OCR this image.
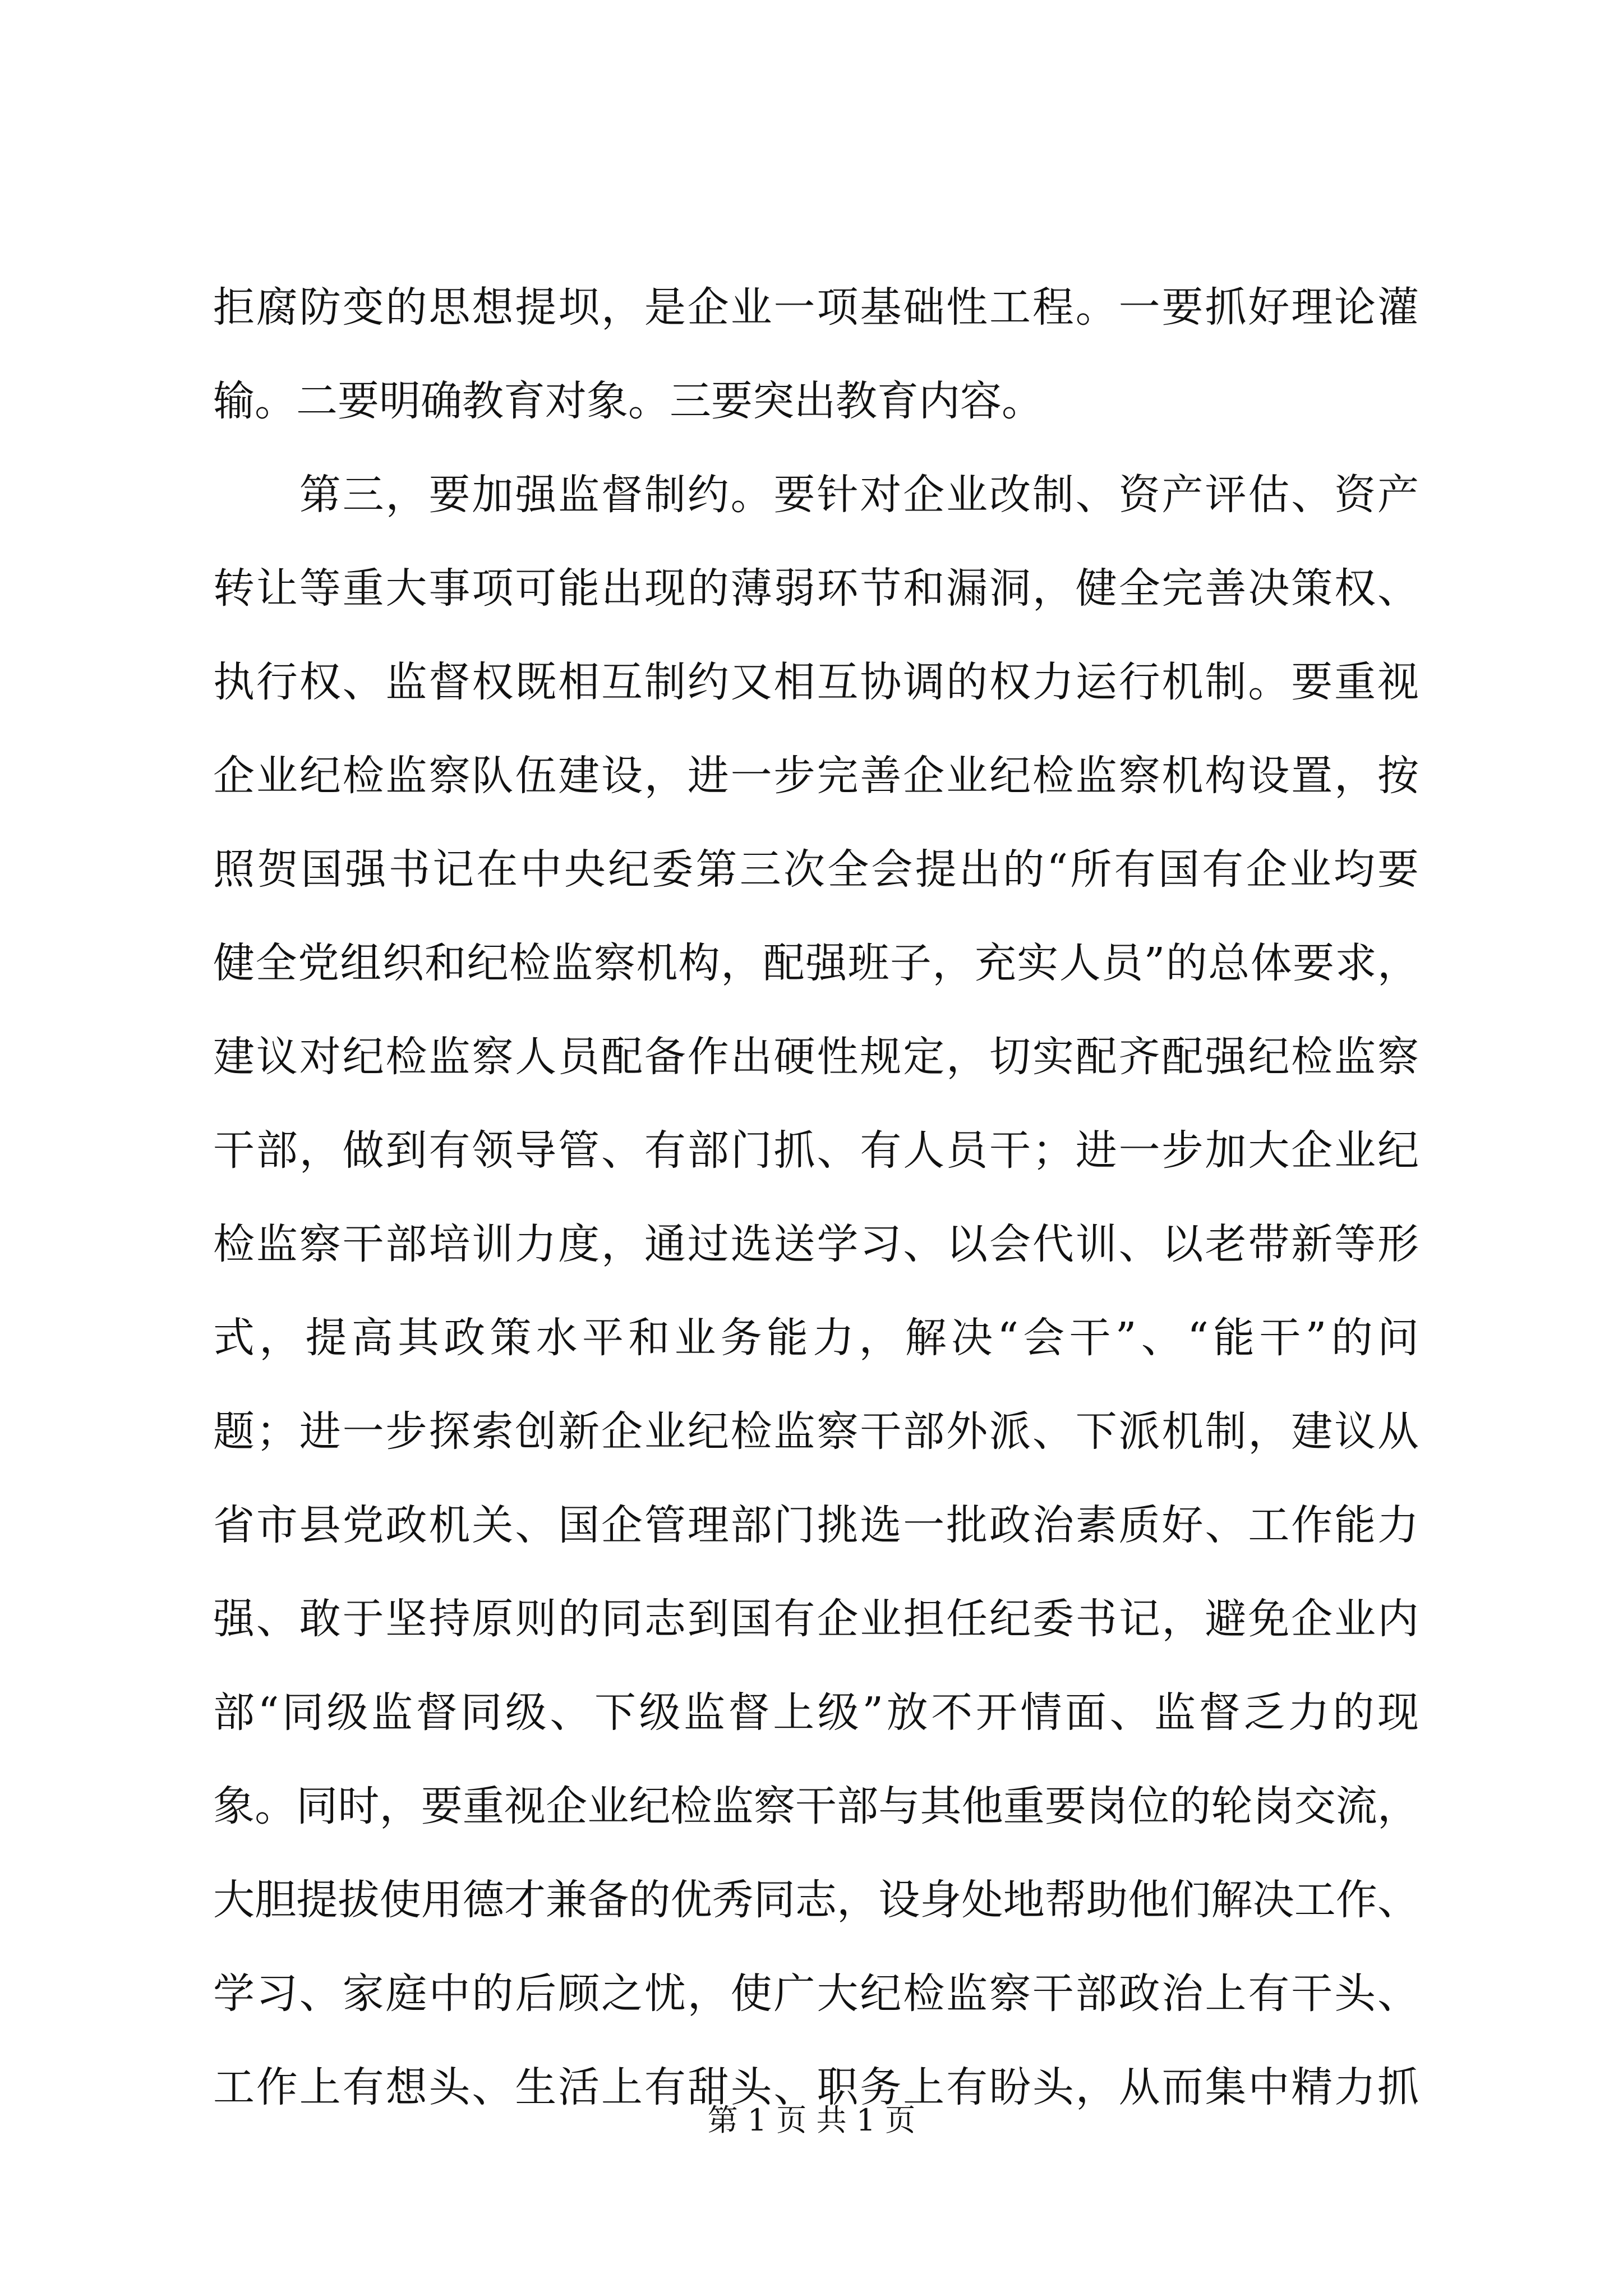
拒腐防变的思想提坝，是企业一项基础性工程。一要抓好理论灌
输。二要明确教育对象。三要突出教育内容。
　　第三，要加强监督制约。要针对企业改制、资产评估、资产
转让等重大事项可能出现的薄弱环节和漏洞，健全完善决策权、
执行权、监督权既相互制约又相互协调的权力运行机制。要重视
企业纪检监察队伍建设，进一步完善企业纪检监察机构设置，按
照贺国强书记在中央纪委第三次全会提出的“所有国有企业均要
健全党组织和纪检监察机构，配强班子，充实人员”的总体要求，
建议对纪检监察人员配备作出硬性规定，切实配齐配强纪检监察
干部，做到有领导管、有部门抓、有人员干；进一步加大企业纪
检监察干部培训力度，通过选送学习、以会代训、以老带新等形
式，提高其政策水平和业务能力，解决“会干”、“能干”的问
题；进一步探索创新企业纪检监察干部外派、下派机制，建议从
省市县党政机关、国企管理部门挑选一批政治素质好、工作能力
强、敢于坚持原则的同志到国有企业担任纪委书记，避免企业内
部“同级监督同级、下级监督上级”放不开情面、监督乏力的现
象。同时，要重视企业纪检监察干部与其他重要岗位的轮岗交流，
大胆提拔使用德才兼备的优秀同志，设身处地帮助他们解决工作、
学习、家庭中的后顾之忧，使广大纪检监察干部政治上有干头、
工作上有想头、生活上有甜头、职务上有盼头，从而集中精力抓
第 1 页 共 1 页
